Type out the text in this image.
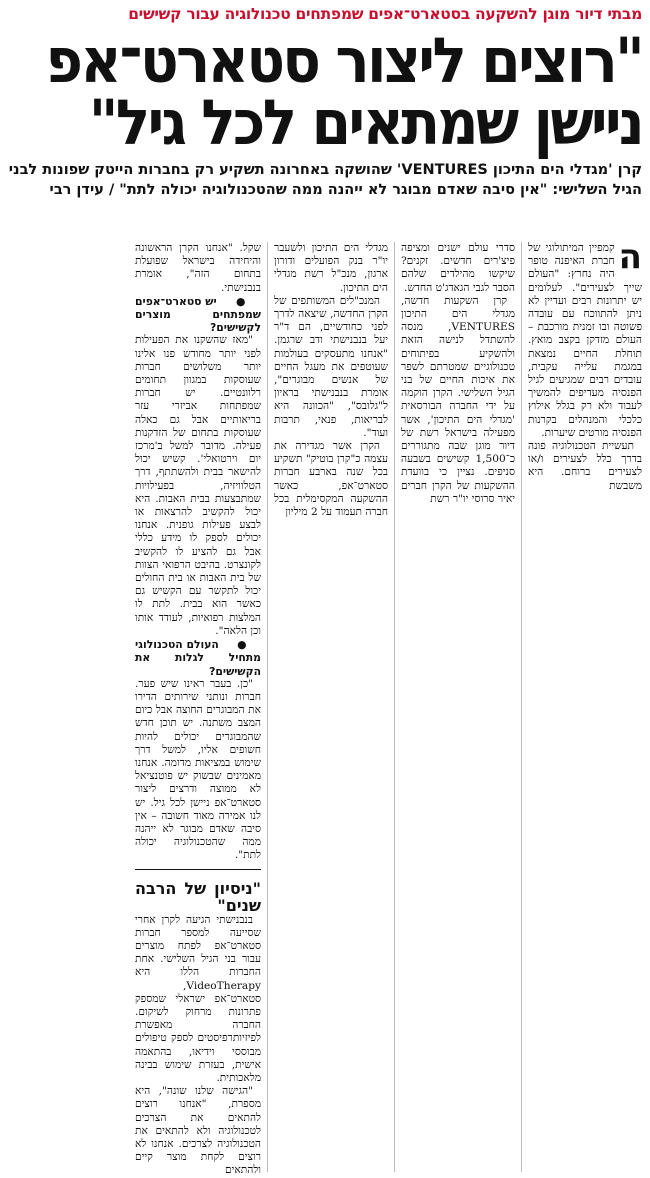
מבתי דיור מוגן להשקעה בסטארט־אפים שמפתחים טכנולוגיה עבור קשישים
"רוצים ליצור סטארט־אפ
ניישן שמתאים לכל גיל"
קרן 'מגדלי הים התיכון VENTURES' שהושקה באחרונה תשקיע רק בחברות הייטק שפונות לבני הגיל השלישי: "אין סיבה שאדם מבוגר לא ייהנה ממה שהטכנולוגיה יכולה לתת" / עידן רבי

ה
קמפיין המיתולוגי של חברת האיפנה טופר היה נחרץ: "העולם שייך לצעירים". לעלומים יש יתרונות רבים ועדיין לא ניתן להתווכח עם עובדה פשוטה ובו זמנית מורכבת – העולם מזדקן בקצב מואץ. תוחלת החיים נמצאת במגמת עלייה עקבית, עובדים רבים שמגיעים לגיל הפנסיה מעדיפים להמשיך לעבוד ולא רק בגלל אילוץ כלכלי והמנהלים בקרנות הפנסיה מורטים שיערות.

תעשיית הטכנולוגיה פונה בדרך כלל לצעירים ו/או לצעירים ברוחם. היא משבשת

סדרי עולם ישנים ומציפה פיצ'רים חדשים. זקנים? שיקשו מהילדים שלהם הסבר לגבי הגאדג'ט החדש.

קרן השקעות חדשה, מגדלי הים התיכון VENTURES, מנסה להשתדל לנישה הזאת ולהשקיע בפיתוחים טכנולוגיים שמטרתם לשפר את איכות החיים של בני הגיל השלישי. הקרן הוקמה על ידי החברה הבורסאית 'מגדלי הים התיכון', אשר מפעילה בישראל רשת של דיור מוגן שבה מתגוררים כ־1,500 קשישים בשבעה סניפים. נציין כי בוועדת ההשקעות של הקרן חברים יאיר סרוסי יו"ר רשת

מגדלי הים התיכון ולשעבר יו"ר בנק הפועלים ודורון ארגון, מנכ"ל רשת מגדלי הים התיכון.

המנכ"לים המשותפים של הקרן החדשה, שיצאה לדרך לפני כחודשיים, הם ד"ר יעל בנבנישתי ודב שרגמן. "אנחנו מתעסקים בעולמות שעוטפים את מעגל החיים של אנשים מבוגרים", אומרת בנבנישתי בראיון ל"גלובס", "הכוונה היא לבריאות, פנאי, תרבות ועוד".

הקרן אשר מגדירה את עצמה כ"קרן בוטיק" תשקיע בכל שנה בארבע חברות סטארט־אפ, כאשר ההשקעה המקסימלית בכל חברה תעמוד על 2 מיליון

שקל. "אנחנו הקרן הראשונה והיחידה בישראל שפועלת בתחום הזה", אומרת בנבנישתי.

● יש סטארט־אפים שמפתחים מוצרים לקשישים?

"מאז שהשקנו את הפעילות לפני יותר מחודש פנו אלינו יותר משלושים חברות שעוסקות במגוון תחומים רלוונטיים. יש חברות שמפתחות אביזרי עזר בריאותיים אבל גם כאלה שעוסקות בתחום של הזדקנות פעילה. מדובר למשל ב'מרכז יום וירטואלי'. קשיש יכול להישאר בבית ולהשתתף, דרך הטלוויזיה, בפעילויות שמתבצעות בבית האבות. היא יכול להקשיב להרצאות או לבצע פעילות גופנית. אנחנו יכולים לספק לו מידע כללי אבל גם להציע לו להקשיב לקונצרט. בהיבט הרפואי הצוות של בית האבות או בית החולים יכול לתקשר עם הקשיש גם כאשר הוא בבית. לתת לו המלצות רפואיות, לעודד אותו וכן הלאה".

● העולם הטכנולוגי מתחיל לגלות את הקשישים?

"כן. בעבר ראינו שיש פער. חברות ונותני שירותים הדירו את המבוגרים החוצה אבל כיום המצב משתנה. יש תוכן חדש שהמבוגרים יכולים להיות חשופים אליו, למשל דרך שימוש במציאות מדומה. אנחנו מאמינים שבשוק יש פוטנציאל לא ממוצה ודרצים ליצור סטארט־אפ ניישן לכל גיל. יש לנו אמירה מאוד חשובה – אין סיבה שאדם מבוגר לא ייהנה ממה שהטכנולוגיה יכולה לתת".

"ניסיון של הרבה שנים"

בנבנישתי הגיעה לקרן אחרי שסייעה למספר חברות סטארט־אפ לפתח מוצרים עבור בני הגיל השלישי. אחת החברות הללו היא VideoTherapy, סטארט־אפ ישראלי שמספק פתרונות מרחוק לשיקום. החברה מאפשרת לפיזיותרפיסטים לספק טיפולים מבוססי וידיאו, בהתאמה אישית, בעזרת שימוש בבינה מלאכותית.

"הגישה שלנו שונה", היא מספרת, "אנחנו רוצים להתאים את הצרכים לטכנולוגיה ולא להתאים את הטכנולוגיה לצרכים. אנחנו לא רוצים לקחת מוצר קיים ולהתאים
